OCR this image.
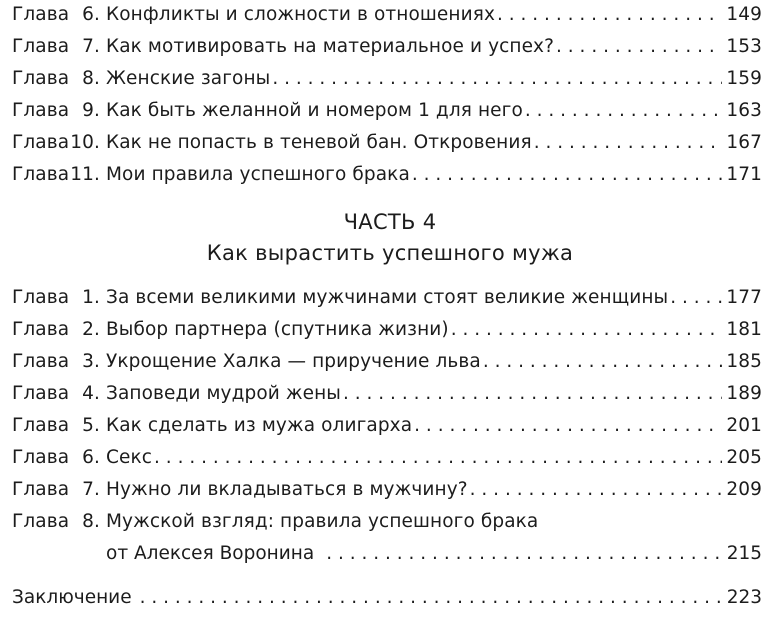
Глава 6. Конфликты и сложности в отношениях . . .	149
Глава 7. Как мотивировать на материальное и успех? . . .	153
Глава 8. Женские загоны . . .	159
Глава 9. Как быть желанной и номером 1 для него . . .	163
Глава 10. Как не попасть в теневой бан. Откровения . . .	167
Глава 11. Мои правила успешного брака . . .	171
ЧАСТЬ 4
Как вырастить успешного мужа
Глава 1. За всеми великими мужчинами стоят великие женщины . . .	177
Глава 2. Выбор партнера (спутника жизни) . . .	181
Глава 3. Укрощение Халка — приручение льва . . .	185
Глава 4. Заповеди мудрой жены . . .	189
Глава 5. Как сделать из мужа олигарха . . .	201
Глава 6. Секс . . .	205
Глава 7. Нужно ли вкладываться в мужчину? . . .	209
Глава 8. Мужской взгляд: правила успешного брака
от Алексея Воронина . . .	215
Заключение . . .	223
